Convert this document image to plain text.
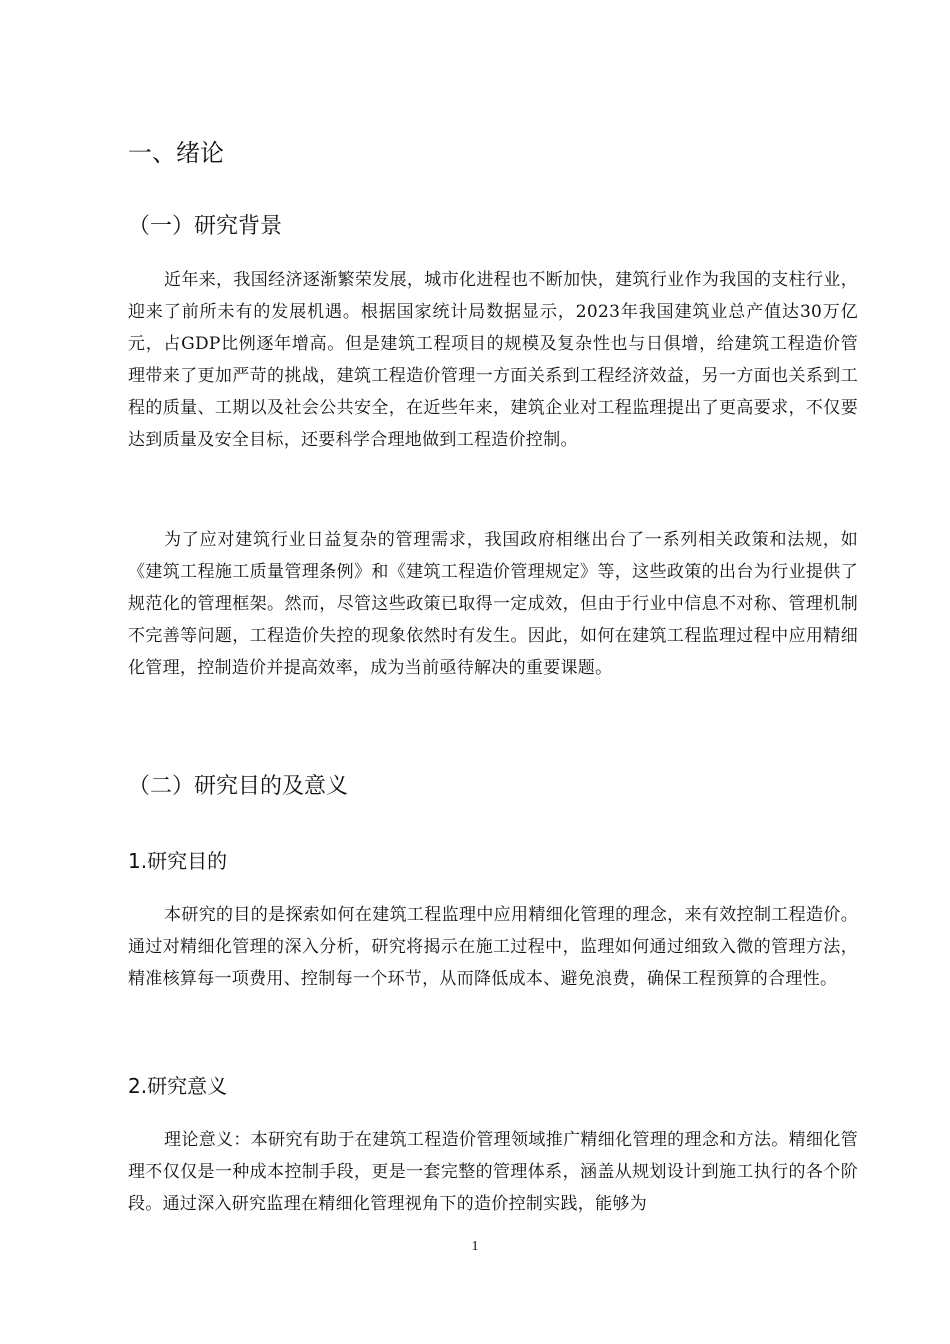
一、绪论
（一）研究背景

近年来，我国经济逐渐繁荣发展，城市化进程也不断加快，建筑行业作为我国的支柱行业，迎来了前所未有的发展机遇。根据国家统计局数据显示，2023年我国建筑业总产值达30万亿元，占GDP比例逐年增高。但是建筑工程项目的规模及复杂性也与日俱增，给建筑工程造价管理带来了更加严苛的挑战，建筑工程造价管理一方面关系到工程经济效益，另一方面也关系到工程的质量、工期以及社会公共安全，在近些年来，建筑企业对工程监理提出了更高要求，不仅要达到质量及安全目标，还要科学合理地做到工程造价控制。

为了应对建筑行业日益复杂的管理需求，我国政府相继出台了一系列相关政策和法规，如《建筑工程施工质量管理条例》和《建筑工程造价管理规定》等，这些政策的出台为行业提供了规范化的管理框架。然而，尽管这些政策已取得一定成效，但由于行业中信息不对称、管理机制不完善等问题，工程造价失控的现象依然时有发生。因此，如何在建筑工程监理过程中应用精细化管理，控制造价并提高效率，成为当前亟待解决的重要课题。

（二）研究目的及意义
1.研究目的

本研究的目的是探索如何在建筑工程监理中应用精细化管理的理念，来有效控制工程造价。通过对精细化管理的深入分析，研究将揭示在施工过程中，监理如何通过细致入微的管理方法，精准核算每一项费用、控制每一个环节，从而降低成本、避免浪费，确保工程预算的合理性。

2.研究意义

理论意义：本研究有助于在建筑工程造价管理领域推广精细化管理的理念和方法。精细化管理不仅仅是一种成本控制手段，更是一套完整的管理体系，涵盖从规划设计到施工执行的各个阶段。通过深入研究监理在精细化管理视角下的造价控制实践，能够为

1
